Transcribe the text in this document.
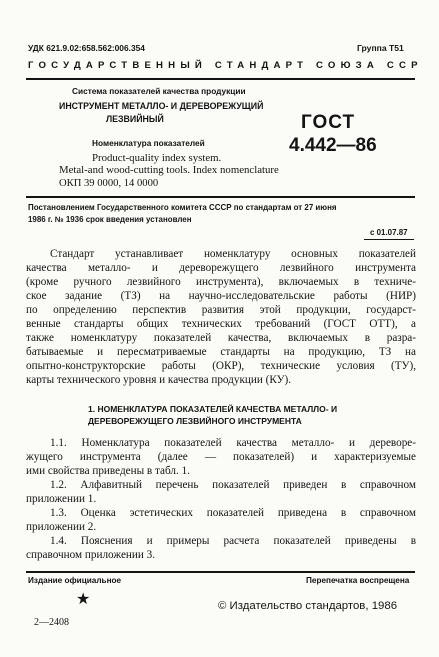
УДК 621.9.02:658.562:006.354	Группа Т51
ГОСУДАРСТВЕННЫЙ СТАНДАРТ СОЮЗА ССР
Система показателей качества продукции
ИНСТРУМЕНТ МЕТАЛЛО- И ДЕРЕВОРЕЖУЩИЙ
ЛЕЗВИЙНЫЙ
Номенклатура показателей
Product-quality index system.
Metal-and wood-cutting tools. Index nomenclature
ОКП 39 0000, 14 0000
ГОСТ
4.442—86
Постановлением Государственного комитета СССР по стандартам от 27 июня
1986 г. № 1936 срок введения установлен
с 01.07.87
Стандарт устанавливает номенклатуру основных показателей
качества металло- и дереворежущего лезвийного инструмента
(кроме ручного лезвийного инструмента), включаемых в техниче-
ское задание (ТЗ) на научно-исследовательские работы (НИР)
по определению перспектив развития этой продукции, государст-
венные стандарты общих технических требований (ГОСТ ОТТ), а
также номенклатуру показателей качества, включаемых в разра-
батываемые и пересматриваемые стандарты на продукцию, ТЗ на
опытно-конструкторские работы (ОКР), технические условия (ТУ),
карты технического уровня и качества продукции (КУ).
1. НОМЕНКЛАТУРА ПОКАЗАТЕЛЕЙ КАЧЕСТВА МЕТАЛЛО- И
ДЕРЕВОРЕЖУЩЕГО ЛЕЗВИЙНОГО ИНСТРУМЕНТА
1.1. Номенклатура показателей качества металло- и дереворе-
жущего инструмента (далее — показателей) и характеризуемые
ими свойства приведены в табл. 1.
1.2. Алфавитный перечень показателей приведен в справочном
приложении 1.
1.3. Оценка эстетических показателей приведена в справочном
приложении 2.
1.4. Пояснения и примеры расчета показателей приведены в
справочном приложении 3.
Издание официальное	Перепечатка воспрещена
★	© Издательство стандартов, 1986
2—2408
